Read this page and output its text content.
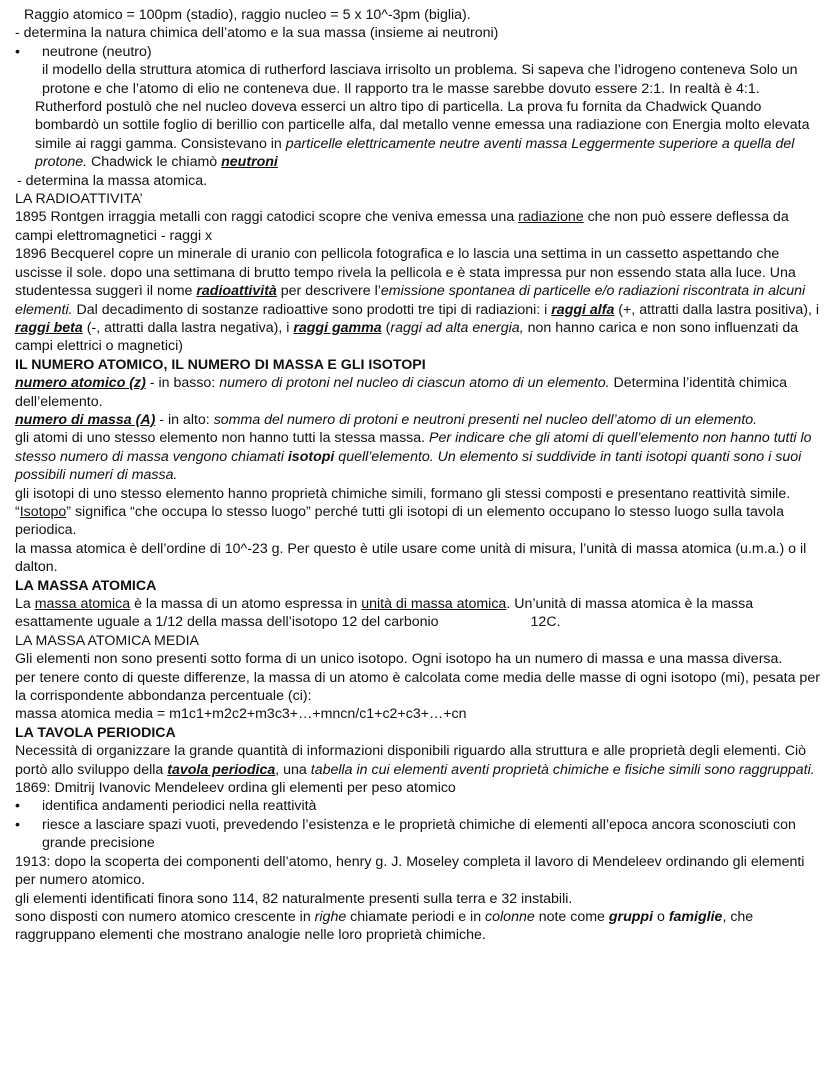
Raggio atomico = 100pm (stadio), raggio nucleo = 5 x 10^-3pm (biglia).

- determina la natura chimica dell’atomo e la sua massa (insieme ai neutroni)

• neutrone (neutro)

il modello della struttura atomica di rutherford lasciava irrisolto un problema. Si sapeva che l’idrogeno conteneva Solo un protone e che l’atomo di elio ne conteneva due. Il rapporto tra le masse sarebbe dovuto essere 2:1. In realtà è 4:1.

Rutherford postulò che nel nucleo doveva esserci un altro tipo di particella. La prova fu fornita da Chadwick Quando bombardò un sottile foglio di berillio con particelle alfa, dal metallo venne emessa una radiazione con Energia molto elevata simile ai raggi gamma. Consistevano in particelle elettricamente neutre aventi massa Leggermente superiore a quella del protone. Chadwick le chiamò neutroni

- determina la massa atomica.

LA RADIOATTIVITA’

1895 Rontgen irraggia metalli con raggi catodici scopre che veniva emessa una radiazione che non può essere deflessa da campi elettromagnetici - raggi x

1896 Becquerel copre un minerale di uranio con pellicola fotografica e lo lascia una settima in un cassetto aspettando che uscisse il sole. dopo una settimana di brutto tempo rivela la pellicola e è stata impressa pur non essendo stata alla luce. Una studentessa suggerì il nome radioattività per descrivere l’emissione spontanea di particelle e/o radiazioni riscontrata in alcuni elementi. Dal decadimento di sostanze radioattive sono prodotti tre tipi di radiazioni: i raggi alfa (+, attratti dalla lastra positiva), i raggi beta (-, attratti dalla lastra negativa), i raggi gamma (raggi ad alta energia, non hanno carica e non sono influenzati da campi elettrici o magnetici)

IL NUMERO ATOMICO, IL NUMERO DI MASSA E GLI ISOTOPI

numero atomico (z) - in basso: numero di protoni nel nucleo di ciascun atomo di un elemento. Determina l’identità chimica dell’elemento.

numero di massa (A) - in alto: somma del numero di protoni e neutroni presenti nel nucleo dell’atomo di un elemento.

gli atomi di uno stesso elemento non hanno tutti la stessa massa. Per indicare che gli atomi di quell’elemento non hanno tutti lo stesso numero di massa vengono chiamati isotopi quell’elemento. Un elemento si suddivide in tanti isotopi quanti sono i suoi possibili numeri di massa.

gli isotopi di uno stesso elemento hanno proprietà chimiche simili, formano gli stessi composti e presentano reattività simile.

“Isotopo” significa “che occupa lo stesso luogo” perché tutti gli isotopi di un elemento occupano lo stesso luogo sulla tavola periodica.

la massa atomica è dell’ordine di 10^-23 g. Per questo è utile usare come unità di misura, l’unità di massa atomica (u.m.a.) o il dalton.

LA MASSA ATOMICA

La massa atomica è la massa di un atomo espressa in unità di massa atomica. Un’unità di massa atomica è la massa esattamente uguale a 1/12 della massa dell’isotopo 12 del carbonio	12C.

LA MASSA ATOMICA MEDIA

Gli elementi non sono presenti sotto forma di un unico isotopo. Ogni isotopo ha un numero di massa e una massa diversa.

per tenere conto di queste differenze, la massa di un atomo è calcolata come media delle masse di ogni isotopo (mi), pesata per la corrispondente abbondanza percentuale (ci):

massa atomica media = m1c1+m2c2+m3c3+…+mncn/c1+c2+c3+…+cn

LA TAVOLA PERIODICA

Necessità di organizzare la grande quantità di informazioni disponibili riguardo alla struttura e alle proprietà degli elementi. Ciò portò allo sviluppo della tavola periodica, una tabella in cui elementi aventi proprietà chimiche e fisiche simili sono raggruppati.

1869: Dmitrij Ivanovic Mendeleev ordina gli elementi per peso atomico

• identifica andamenti periodici nella reattività

• riesce a lasciare spazi vuoti, prevedendo l’esistenza e le proprietà chimiche di elementi all’epoca ancora sconosciuti con grande precisione

1913: dopo la scoperta dei componenti dell’atomo, henry g. J. Moseley completa il lavoro di Mendeleev ordinando gli elementi per numero atomico.

gli elementi identificati finora sono 114, 82 naturalmente presenti sulla terra e 32 instabili.

sono disposti con numero atomico crescente in righe chiamate periodi e in colonne note come gruppi o famiglie, che raggruppano elementi che mostrano analogie nelle loro proprietà chimiche.
